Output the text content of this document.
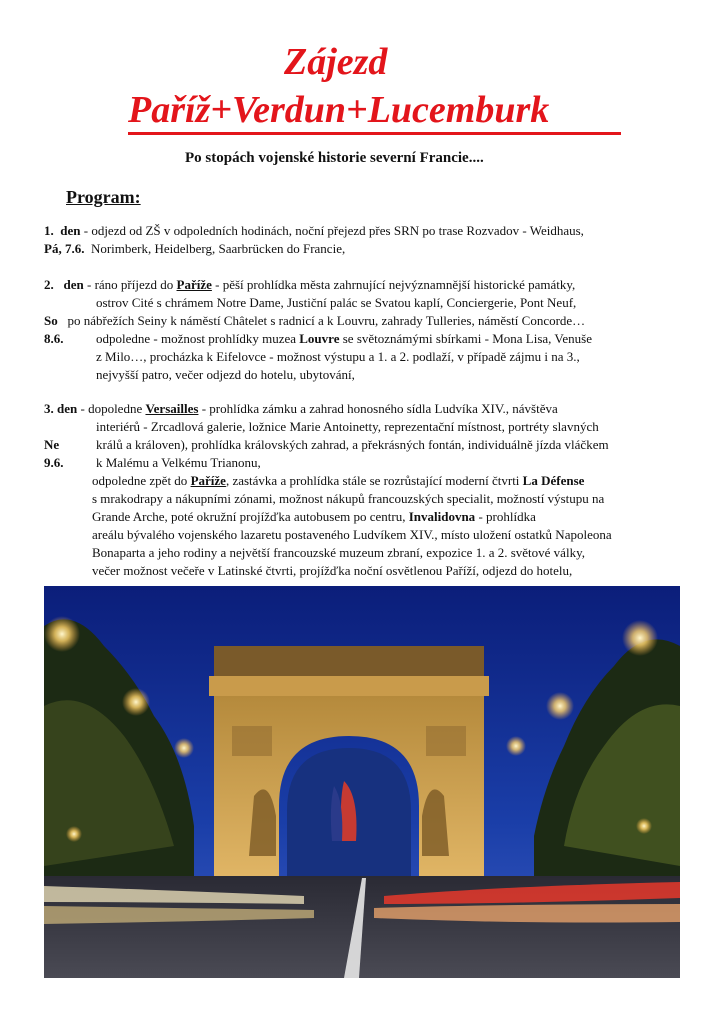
Zájezd
Paříž+Verdun+Lucemburk

Po stopách vojenské historie severní Francie....

Program:

1. den - odjezd od ZŠ v odpoledních hodinách, noční přejezd přes SRN po trase Rozvadov - Weidhaus,

Pá, 7.6. Norimberk, Heidelberg, Saarbrücken do Francie,

2. den - ráno příjezd do Paříže - pěší prohlídka města zahrnující nejvýznamnější historické památky,

ostrov Cité s chrámem Notre Dame, Justiční palác se Svatou kaplí, Conciergerie, Pont Neuf,

So po nábřežích Seiny k náměstí Châtelet s radnicí a k Louvru, zahrady Tulleries, náměstí Concorde…

8.6.	odpoledne - možnost prohlídky muzea Louvre se světoznámými sbírkami - Mona Lisa, Venuše

z Milo…, procházka k Eifelovce - možnost výstupu a 1. a 2. podlaží, v případě zájmu i na 3.,

nejvyšší patro, večer odjezd do hotelu, ubytování,

3. den - dopoledne Versailles - prohlídka zámku a zahrad honosného sídla Ludvíka XIV., návštěva

interiérů - Zrcadlová galerie, ložnice Marie Antoinetty, reprezentační místnost, portréty slavných

Ne	králů a královen), prohlídka královských zahrad, a překrásných fontán, individuálně jízda vláčkem

9.6.	k Malému a Velkému Trianonu,

odpoledne zpět do Paříže, zastávka a prohlídka stále se rozrůstající moderní čtvrti La Défense

s mrakodrapy a nákupními zónami, možnost nákupů francouzských specialit, možností výstupu na

Grande Arche, poté okružní projížďka autobusem po centru, Invalidovna - prohlídka

areálu bývalého vojenského lazaretu postaveného Ludvíkem XIV., místo uložení ostatků Napoleona

Bonaparta a jeho rodiny a největší francouzské muzeum zbraní, expozice 1. a 2. světové války,

večer možnost večeře v Latinské čtvrti, projížďka noční osvětlenou Paříží, odjezd do hotelu,
